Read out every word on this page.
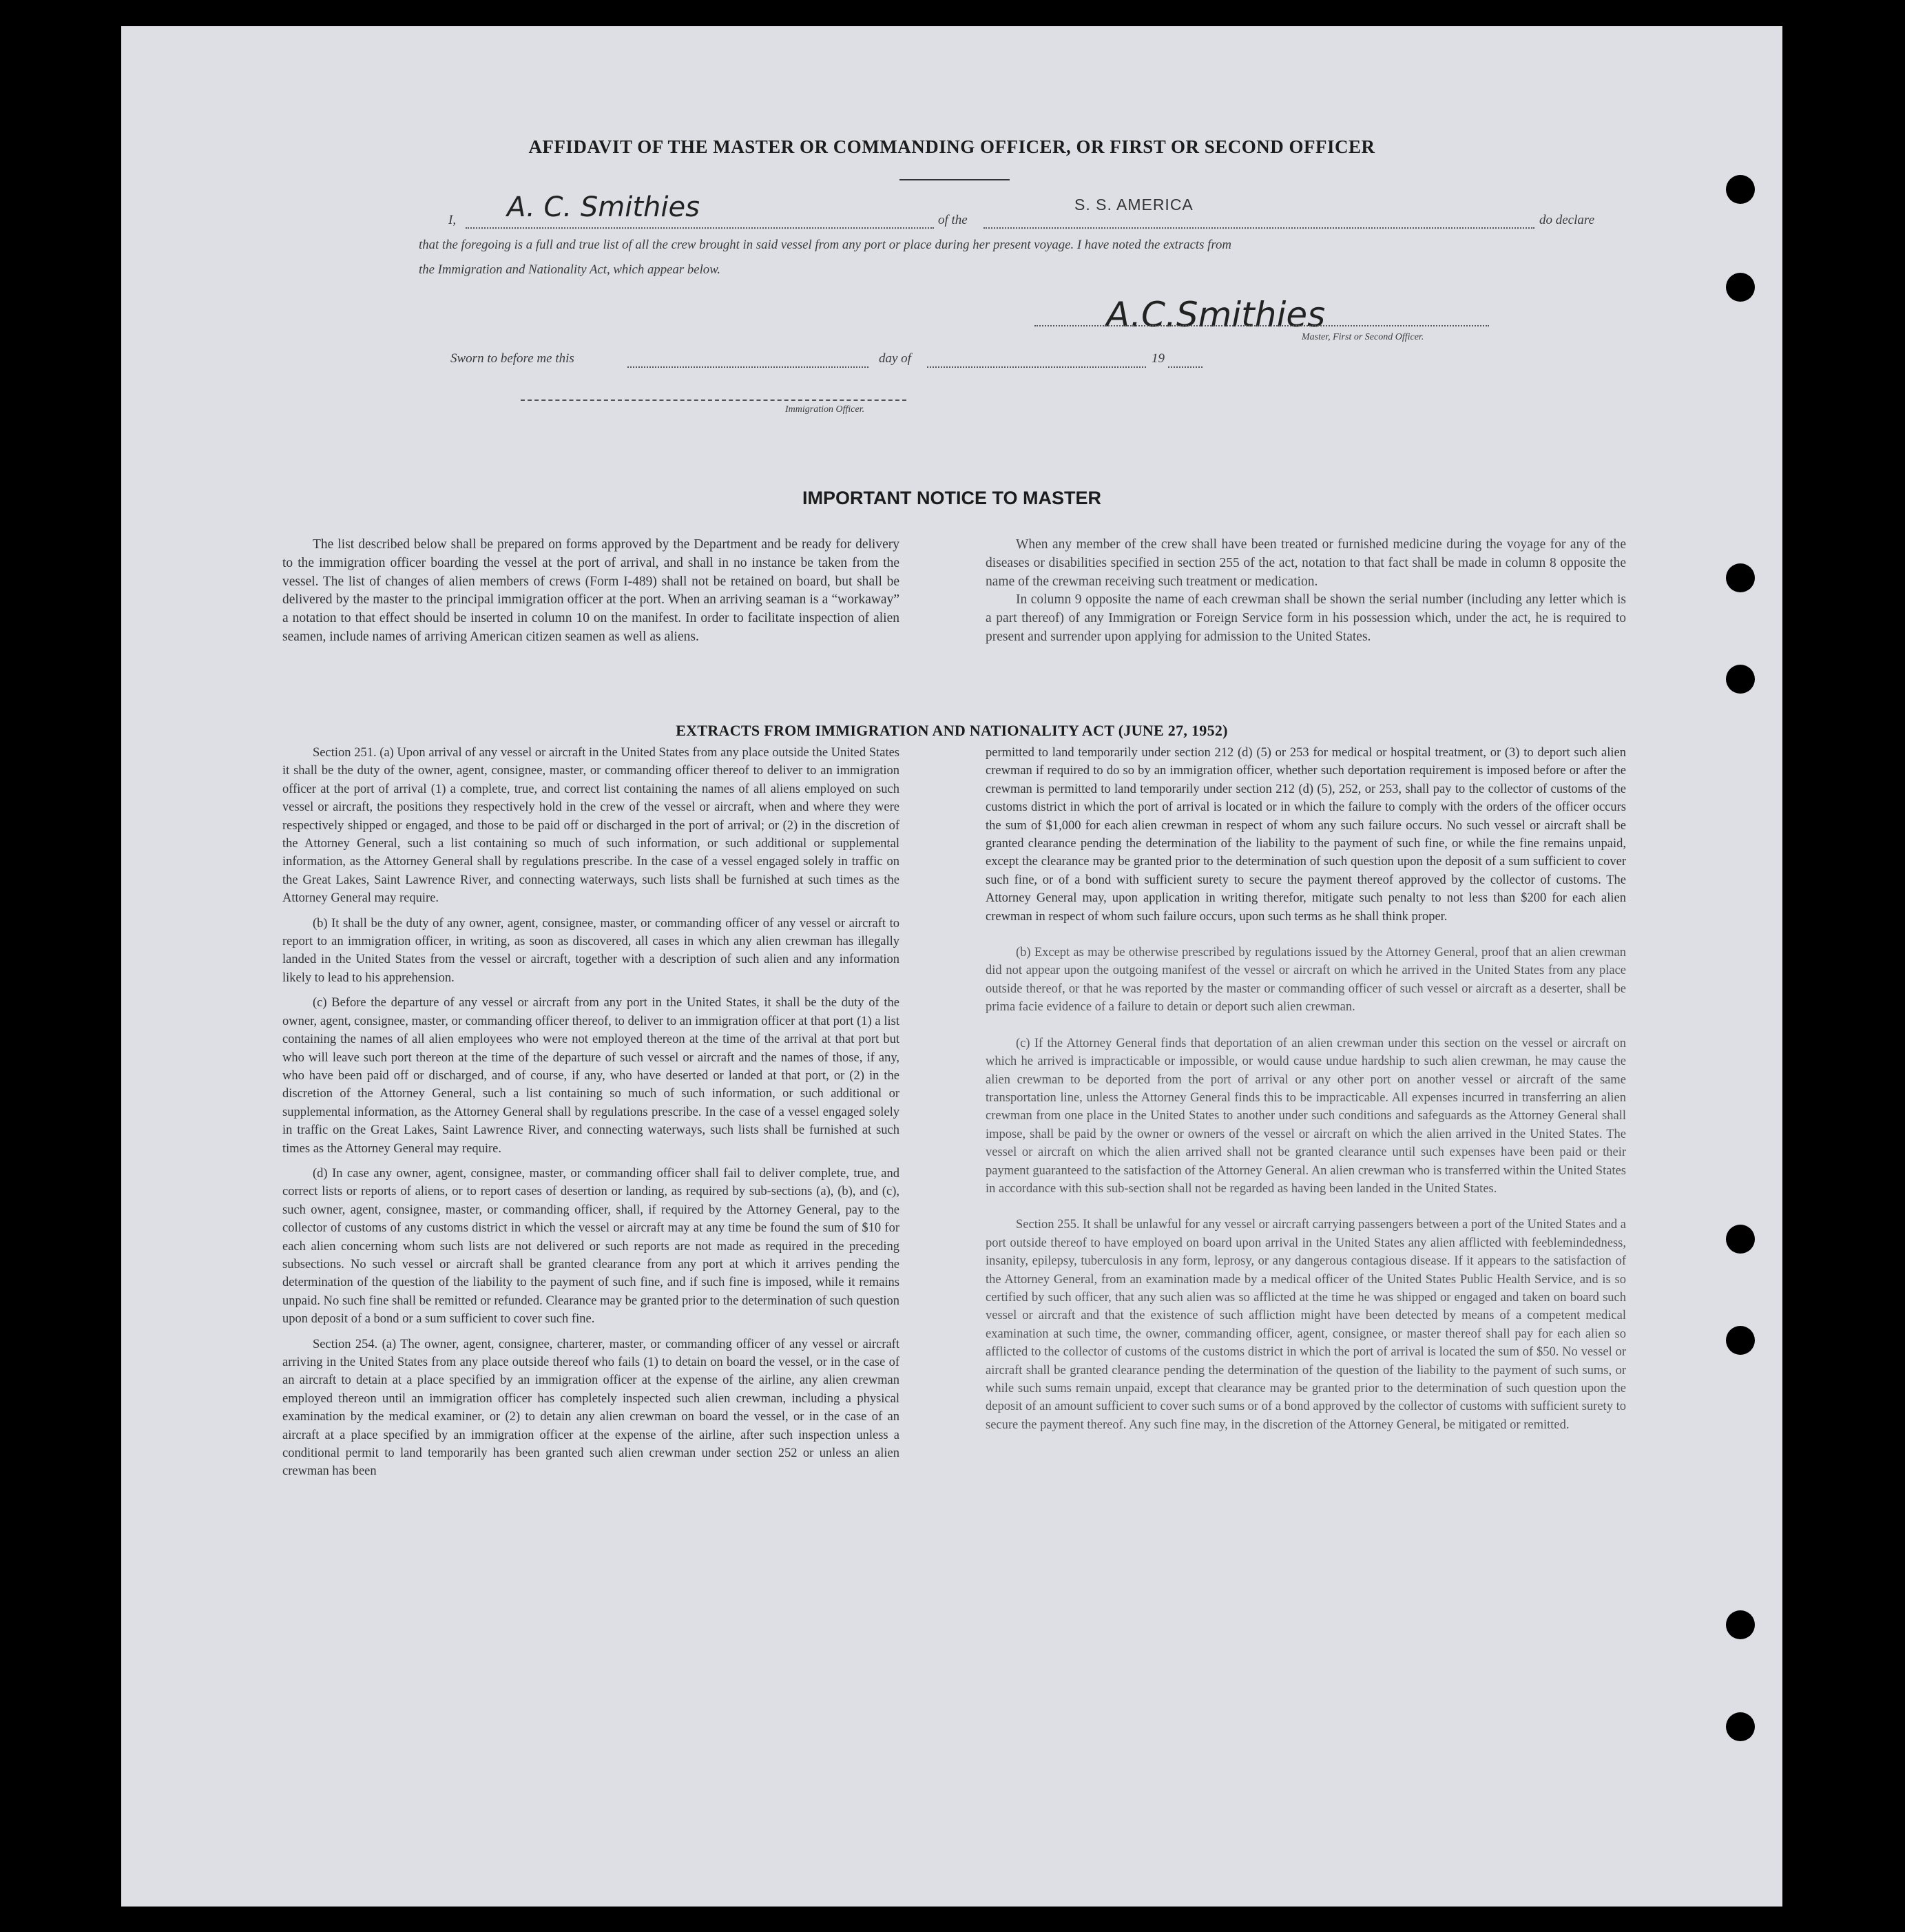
AFFIDAVIT OF THE MASTER OR COMMANDING OFFICER, OR FIRST OR SECOND OFFICER
I, A. C. Smithies	of the
S. S. AMERICA
do declare
that the foregoing is a full and true list of all the crew brought in said vessel from any port or place during her present voyage. I have noted the extracts from
the Immigration and Nationality Act, which appear below.
A.C.Smithies
Master, First or Second Officer.
Sworn to before me this	day of	19
Immigration Officer.
IMPORTANT NOTICE TO MASTER

The list described below shall be prepared on forms approved by the Department and be ready for delivery to the immigration officer boarding the vessel at the port of arrival, and shall in no instance be taken from the vessel. The list of changes of alien members of crews (Form I-489) shall not be retained on board, but shall be delivered by the master to the principal immigration officer at the port. When an arriving seaman is a “workaway” a notation to that effect should be inserted in column 10 on the manifest. In order to facilitate inspection of alien seamen, include names of arriving American citizen seamen as well as aliens.

When any member of the crew shall have been treated or furnished medicine during the voyage for any of the diseases or disabilities specified in section 255 of the act, notation to that fact shall be made in column 8 opposite the name of the crewman receiving such treatment or medication.

In column 9 opposite the name of each crewman shall be shown the serial number (including any letter which is a part thereof) of any Immigration or Foreign Service form in his possession which, under the act, he is required to present and surrender upon applying for admission to the United States.

EXTRACTS FROM IMMIGRATION AND NATIONALITY ACT (JUNE 27, 1952)

Section 251. (a) Upon arrival of any vessel or aircraft in the United States from any place outside the United States it shall be the duty of the owner, agent, consignee, master, or commanding officer thereof to deliver to an immigration officer at the port of arrival (1) a complete, true, and correct list containing the names of all aliens employed on such vessel or aircraft, the positions they respectively hold in the crew of the vessel or aircraft, when and where they were respectively shipped or engaged, and those to be paid off or discharged in the port of arrival; or (2) in the discretion of the Attorney General, such a list containing so much of such information, or such additional or supplemental information, as the Attorney General shall by regulations prescribe. In the case of a vessel engaged solely in traffic on the Great Lakes, Saint Lawrence River, and connecting waterways, such lists shall be furnished at such times as the Attorney General may require.

(b) It shall be the duty of any owner, agent, consignee, master, or commanding officer of any vessel or aircraft to report to an immigration officer, in writing, as soon as discovered, all cases in which any alien crewman has illegally landed in the United States from the vessel or aircraft, together with a description of such alien and any information likely to lead to his apprehension.

(c) Before the departure of any vessel or aircraft from any port in the United States, it shall be the duty of the owner, agent, consignee, master, or commanding officer thereof, to deliver to an immigration officer at that port (1) a list containing the names of all alien employees who were not employed thereon at the time of the arrival at that port but who will leave such port thereon at the time of the departure of such vessel or aircraft and the names of those, if any, who have been paid off or discharged, and of course, if any, who have deserted or landed at that port, or (2) in the discretion of the Attorney General, such a list containing so much of such information, or such additional or supplemental information, as the Attorney General shall by regulations prescribe. In the case of a vessel engaged solely in traffic on the Great Lakes, Saint Lawrence River, and connecting waterways, such lists shall be furnished at such times as the Attorney General may require.

(d) In case any owner, agent, consignee, master, or commanding officer shall fail to deliver complete, true, and correct lists or reports of aliens, or to report cases of desertion or landing, as required by sub-sections (a), (b), and (c), such owner, agent, consignee, master, or commanding officer, shall, if required by the Attorney General, pay to the collector of customs of any customs district in which the vessel or aircraft may at any time be found the sum of $10 for each alien concerning whom such lists are not delivered or such reports are not made as required in the preceding subsections. No such vessel or aircraft shall be granted clearance from any port at which it arrives pending the determination of the question of the liability to the payment of such fine, and if such fine is imposed, while it remains unpaid. No such fine shall be remitted or refunded. Clearance may be granted prior to the determination of such question upon deposit of a bond or a sum sufficient to cover such fine.

Section 254. (a) The owner, agent, consignee, charterer, master, or commanding officer of any vessel or aircraft arriving in the United States from any place outside thereof who fails (1) to detain on board the vessel, or in the case of an aircraft to detain at a place specified by an immigration officer at the expense of the airline, any alien crewman employed thereon until an immigration officer has completely inspected such alien crewman, including a physical examination by the medical examiner, or (2) to detain any alien crewman on board the vessel, or in the case of an aircraft at a place specified by an immigration officer at the expense of the airline, after such inspection unless a conditional permit to land temporarily has been granted such alien crewman under section 252 or unless an alien crewman has been

permitted to land temporarily under section 212 (d) (5) or 253 for medical or hospital treatment, or (3) to deport such alien crewman if required to do so by an immigration officer, whether such deportation requirement is imposed before or after the crewman is permitted to land temporarily under section 212 (d) (5), 252, or 253, shall pay to the collector of customs of the customs district in which the port of arrival is located or in which the failure to comply with the orders of the officer occurs the sum of $1,000 for each alien crewman in respect of whom any such failure occurs. No such vessel or aircraft shall be granted clearance pending the determination of the liability to the payment of such fine, or while the fine remains unpaid, except the clearance may be granted prior to the determination of such question upon the deposit of a sum sufficient to cover such fine, or of a bond with sufficient surety to secure the payment thereof approved by the collector of customs. The Attorney General may, upon application in writing therefor, mitigate such penalty to not less than $200 for each alien crewman in respect of whom such failure occurs, upon such terms as he shall think proper.

(b) Except as may be otherwise prescribed by regulations issued by the Attorney General, proof that an alien crewman did not appear upon the outgoing manifest of the vessel or aircraft on which he arrived in the United States from any place outside thereof, or that he was reported by the master or commanding officer of such vessel or aircraft as a deserter, shall be prima facie evidence of a failure to detain or deport such alien crewman.

(c) If the Attorney General finds that deportation of an alien crewman under this section on the vessel or aircraft on which he arrived is impracticable or impossible, or would cause undue hardship to such alien crewman, he may cause the alien crewman to be deported from the port of arrival or any other port on another vessel or aircraft of the same transportation line, unless the Attorney General finds this to be impracticable. All expenses incurred in transferring an alien crewman from one place in the United States to another under such conditions and safeguards as the Attorney General shall impose, shall be paid by the owner or owners of the vessel or aircraft on which the alien arrived in the United States. The vessel or aircraft on which the alien arrived shall not be granted clearance until such expenses have been paid or their payment guaranteed to the satisfaction of the Attorney General. An alien crewman who is transferred within the United States in accordance with this sub-section shall not be regarded as having been landed in the United States.

Section 255. It shall be unlawful for any vessel or aircraft carrying passengers between a port of the United States and a port outside thereof to have employed on board upon arrival in the United States any alien afflicted with feeblemindedness, insanity, epilepsy, tuberculosis in any form, leprosy, or any dangerous contagious disease. If it appears to the satisfaction of the Attorney General, from an examination made by a medical officer of the United States Public Health Service, and is so certified by such officer, that any such alien was so afflicted at the time he was shipped or engaged and taken on board such vessel or aircraft and that the existence of such affliction might have been detected by means of a competent medical examination at such time, the owner, commanding officer, agent, consignee, or master thereof shall pay for each alien so afflicted to the collector of customs of the customs district in which the port of arrival is located the sum of $50. No vessel or aircraft shall be granted clearance pending the determination of the question of the liability to the payment of such sums, or while such sums remain unpaid, except that clearance may be granted prior to the determination of such question upon the deposit of an amount sufficient to cover such sums or of a bond approved by the collector of customs with sufficient surety to secure the payment thereof. Any such fine may, in the discretion of the Attorney General, be mitigated or remitted.
